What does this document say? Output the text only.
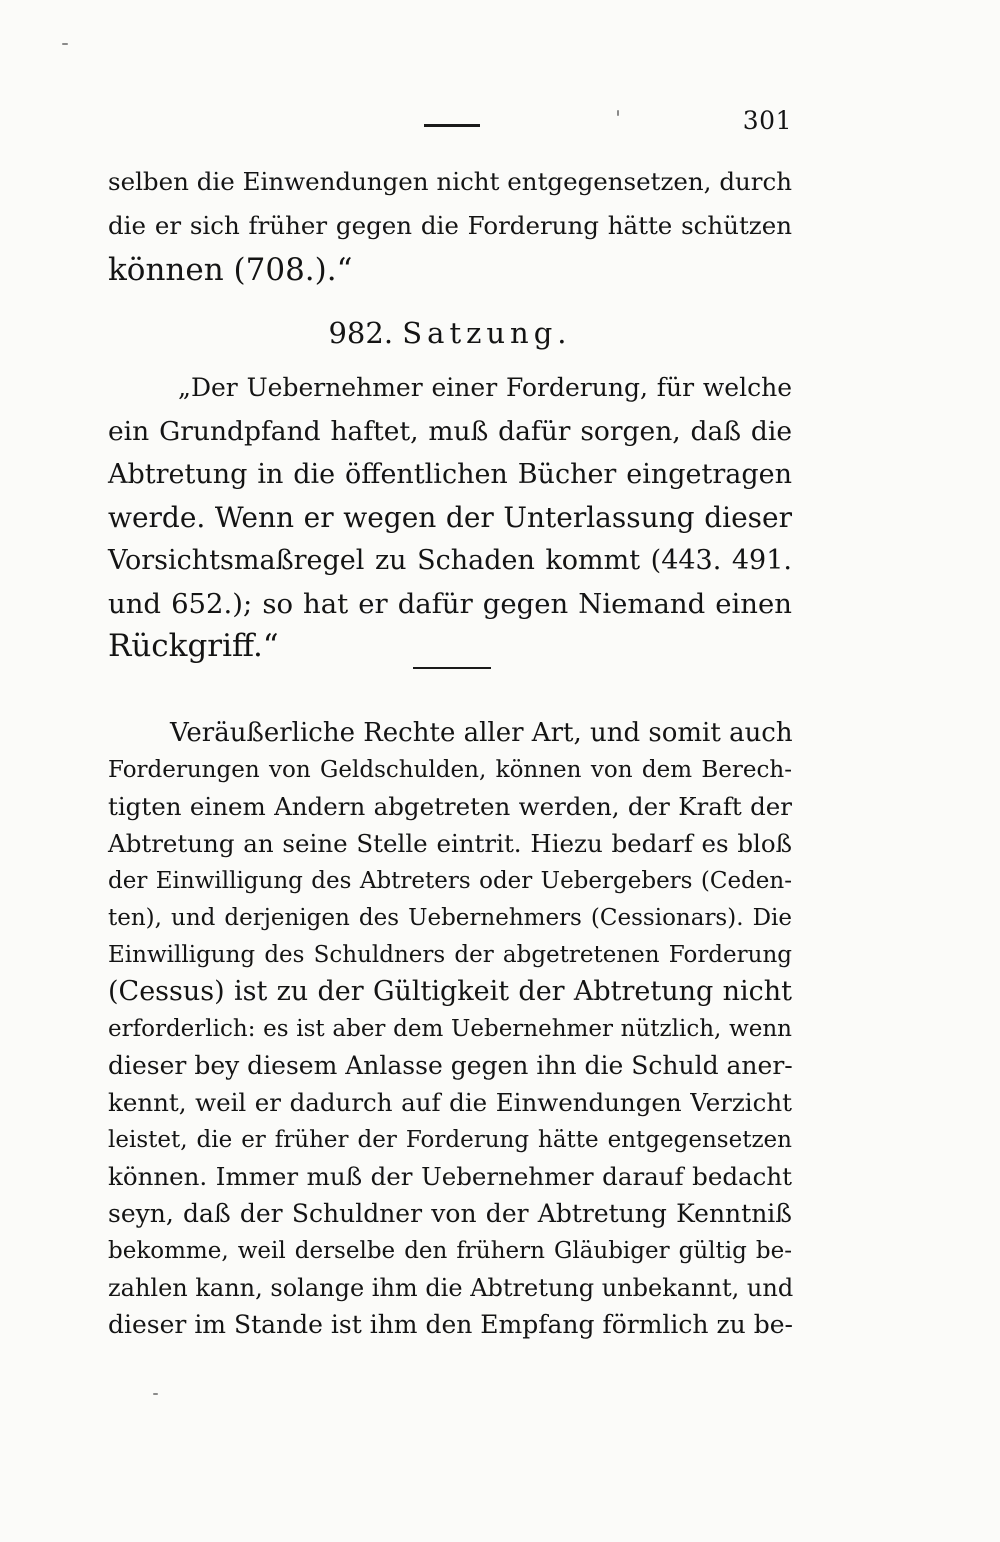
301
selben die Einwendungen nicht entgegensetzen, durch
die er sich früher gegen die Forderung hätte schützen
können (708.).“
982. Satzung.
„Der Uebernehmer einer Forderung, für welche
ein Grundpfand haftet, muß dafür sorgen, daß die
Abtretung in die öffentlichen Bücher eingetragen
werde. Wenn er wegen der Unterlassung dieser
Vorsichtsmaßregel zu Schaden kommt (443. 491.
und 652.); so hat er dafür gegen Niemand einen
Rückgriff.“
Veräußerliche Rechte aller Art, und somit auch
Forderungen von Geldschulden, können von dem Berech-
tigten einem Andern abgetreten werden, der Kraft der
Abtretung an seine Stelle eintrit. Hiezu bedarf es bloß
der Einwilligung des Abtreters oder Uebergebers (Ceden-
ten), und derjenigen des Uebernehmers (Cessionars). Die
Einwilligung des Schuldners der abgetretenen Forderung
(Cessus) ist zu der Gültigkeit der Abtretung nicht
erforderlich: es ist aber dem Uebernehmer nützlich, wenn
dieser bey diesem Anlasse gegen ihn die Schuld aner-
kennt, weil er dadurch auf die Einwendungen Verzicht
leistet, die er früher der Forderung hätte entgegensetzen
können. Immer muß der Uebernehmer darauf bedacht
seyn, daß der Schuldner von der Abtretung Kenntniß
bekomme, weil derselbe den frühern Gläubiger gültig be-
zahlen kann, solange ihm die Abtretung unbekannt, und
dieser im Stande ist ihm den Empfang förmlich zu be-
